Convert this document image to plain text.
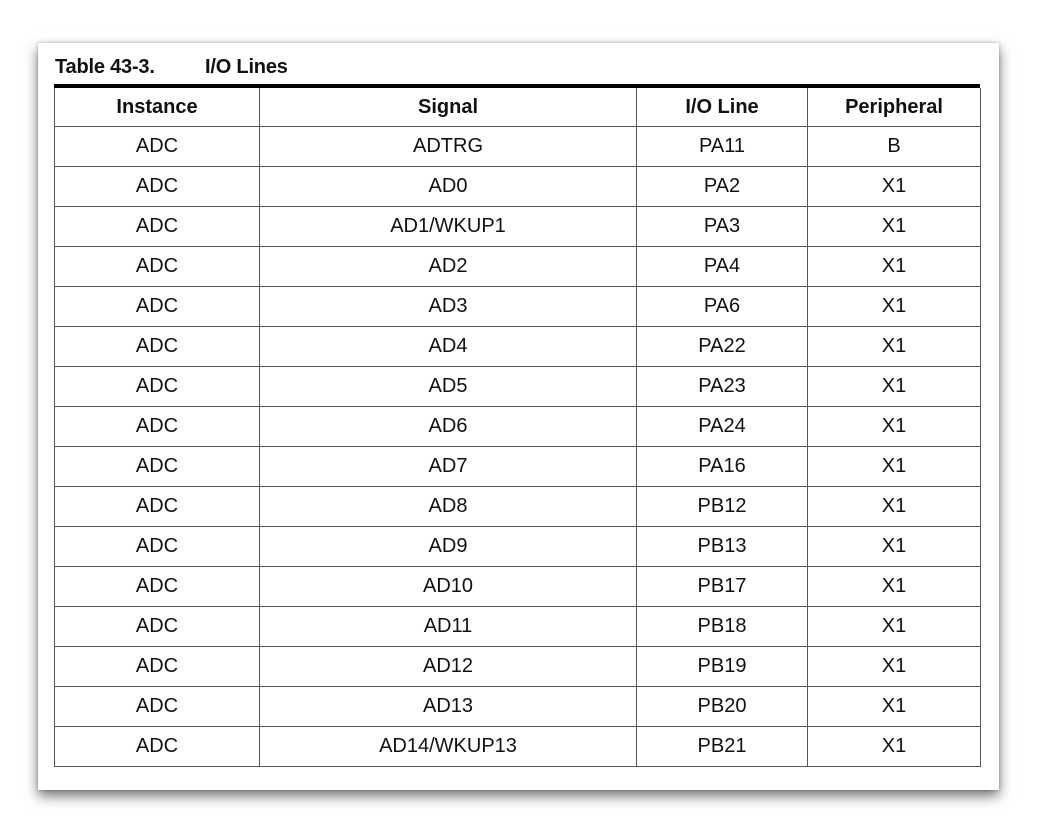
Table 43-3.	I/O Lines
Instance	Signal	I/O Line	Peripheral
ADC	ADTRG	PA11	B
ADC	AD0	PA2	X1
ADC	AD1/WKUP1	PA3	X1
ADC	AD2	PA4	X1
ADC	AD3	PA6	X1
ADC	AD4	PA22	X1
ADC	AD5	PA23	X1
ADC	AD6	PA24	X1
ADC	AD7	PA16	X1
ADC	AD8	PB12	X1
ADC	AD9	PB13	X1
ADC	AD10	PB17	X1
ADC	AD11	PB18	X1
ADC	AD12	PB19	X1
ADC	AD13	PB20	X1
ADC	AD14/WKUP13	PB21	X1
